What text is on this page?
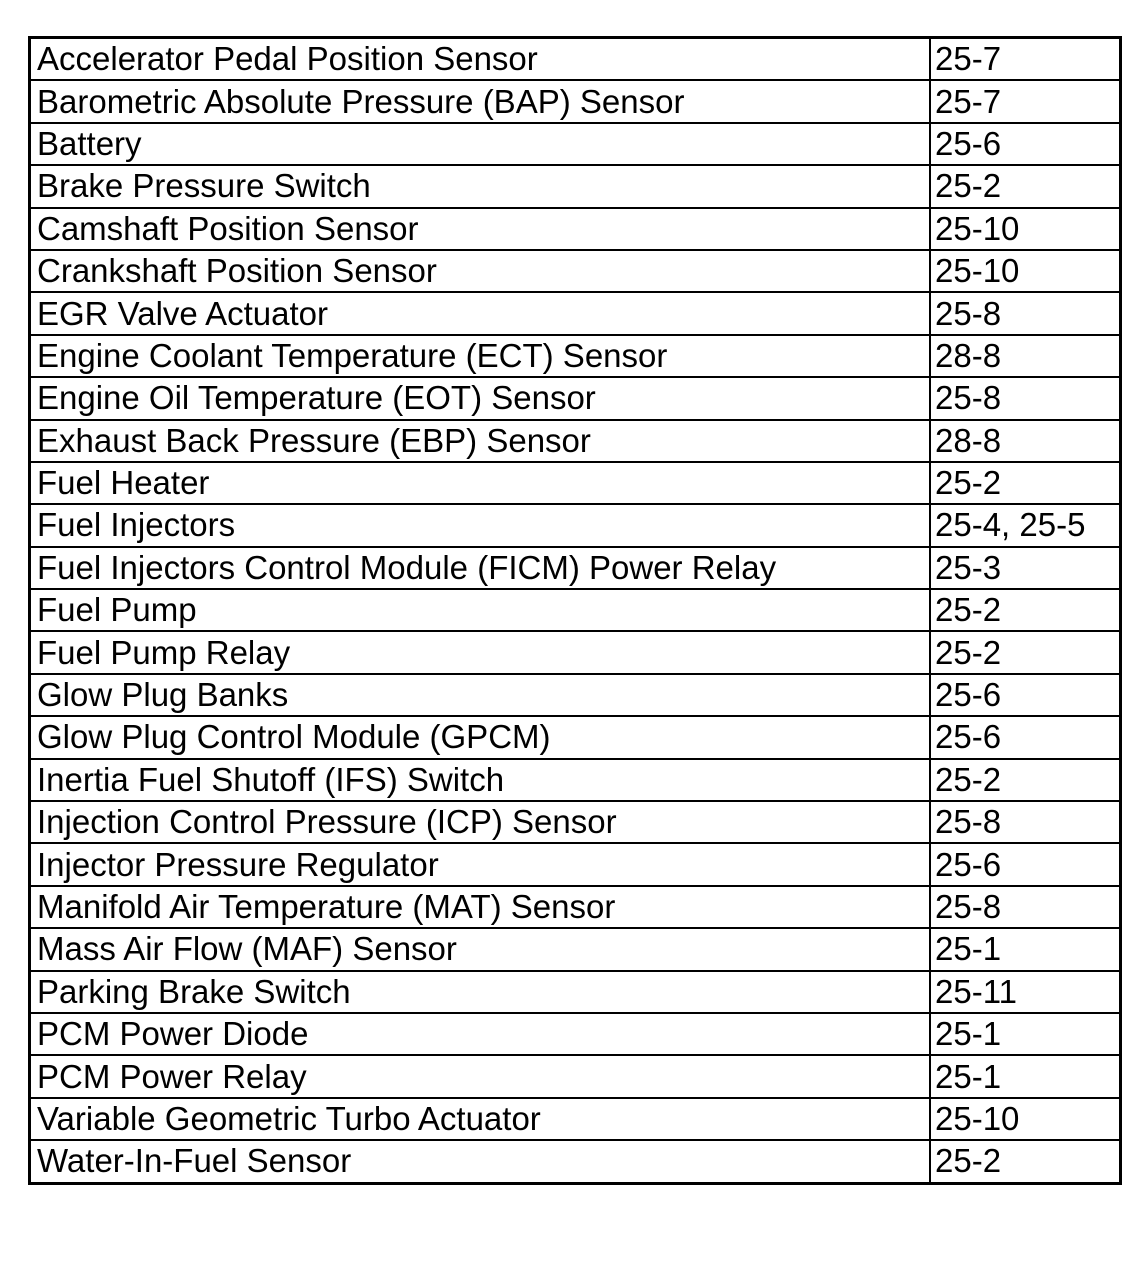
Accelerator Pedal Position Sensor	25-7
Barometric Absolute Pressure (BAP) Sensor	25-7
Battery	25-6
Brake Pressure Switch	25-2
Camshaft Position Sensor	25-10
Crankshaft Position Sensor	25-10
EGR Valve Actuator	25-8
Engine Coolant Temperature (ECT) Sensor	28-8
Engine Oil Temperature (EOT) Sensor	25-8
Exhaust Back Pressure (EBP) Sensor	28-8
Fuel Heater	25-2
Fuel Injectors	25-4, 25-5
Fuel Injectors Control Module (FICM) Power Relay	25-3
Fuel Pump	25-2
Fuel Pump Relay	25-2
Glow Plug Banks	25-6
Glow Plug Control Module (GPCM)	25-6
Inertia Fuel Shutoff (IFS) Switch	25-2
Injection Control Pressure (ICP) Sensor	25-8
Injector Pressure Regulator	25-6
Manifold Air Temperature (MAT) Sensor	25-8
Mass Air Flow (MAF) Sensor	25-1
Parking Brake Switch	25-11
PCM Power Diode	25-1
PCM Power Relay	25-1
Variable Geometric Turbo Actuator	25-10
Water-In-Fuel Sensor	25-2
